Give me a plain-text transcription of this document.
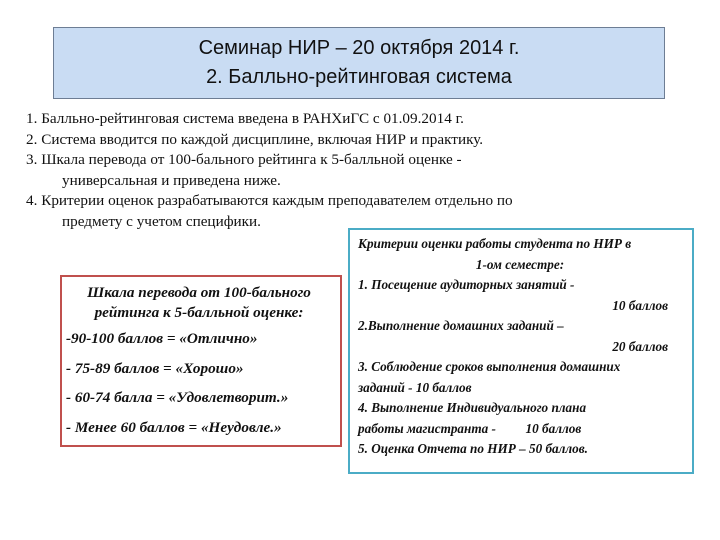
Семинар НИР – 20 октября 2014 г.
2. Балльно-рейтинговая система
1. Балльно-рейтинговая система введена в РАНХиГС с 01.09.2014 г.
2. Система вводится по каждой дисциплине, включая НИР и практику.
3. Шкала перевода от 100-бального рейтинга к 5-балльной оценке -
универсальная и приведена ниже.
4. Критерии оценок разрабатываются каждым преподавателем отдельно по
предмету с учетом специфики.
Шкала перевода от 100-бального
рейтинга к 5-балльной оценке:
-90-100 баллов = «Отлично»
- 75-89 баллов = «Хорошо»
- 60-74 балла = «Удовлетворит.»
- Менее 60 баллов = «Неудовлe.»
Критерии оценки работы студента по НИР в
1-ом семестре:
1. Посещение аудиторных занятий -
10 баллов
2.Выполнение домашних заданий –
20 баллов
3. Соблюдение сроков выполнения домашних
заданий - 10 баллов
4. Выполнение Индивидуального плана
работы магистранта -         10 баллов
5. Оценка Отчета по НИР – 50 баллов.
